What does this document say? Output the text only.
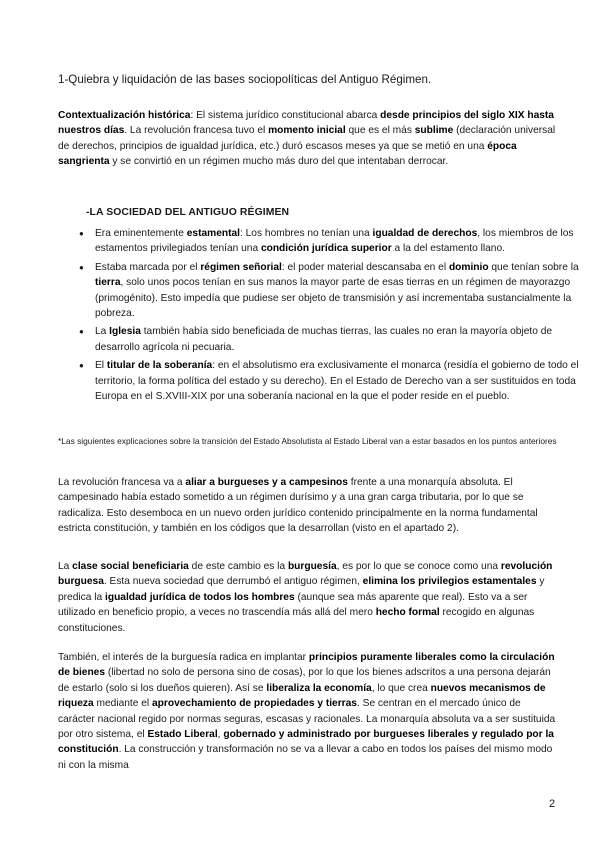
1-Quiebra y liquidación de las bases sociopolíticas del Antiguo Régimen.
Contextualización histórica: El sistema jurídico constitucional abarca desde principios del siglo XIX hasta nuestros días. La revolución francesa tuvo el momento inicial que es el más sublime (declaración universal de derechos, principios de igualdad jurídica, etc.) duró escasos meses ya que se metió en una época sangrienta y se convirtió en un régimen mucho más duro del que intentaban derrocar.
-LA SOCIEDAD DEL ANTIGUO RÉGIMEN
● Era eminentemente estamental: Los hombres no tenían una igualdad de derechos, los miembros de los estamentos privilegiados tenían una condición jurídica superior a la del estamento llano.
● Estaba marcada por el régimen señorial: el poder material descansaba en el dominio que tenían sobre la tierra, solo unos pocos tenían en sus manos la mayor parte de esas tierras en un régimen de mayorazgo (primogénito). Esto impedía que pudiese ser objeto de transmisión y así incrementaba sustancialmente la pobreza.
● La Iglesia también había sido beneficiada de muchas tierras, las cuales no eran la mayoría objeto de desarrollo agrícola ni pecuaria.
● El titular de la soberanía: en el absolutismo era exclusivamente el monarca (residía el gobierno de todo el territorio, la forma política del estado y su derecho). En el Estado de Derecho van a ser sustituidos en toda Europa en el S.XVIII-XIX por una soberanía nacional en la que el poder reside en el pueblo.
*Las siguientes explicaciones sobre la transición del Estado Absolutista al Estado Liberal van a estar basados en los puntos anteriores
La revolución francesa va a aliar a burgueses y a campesinos frente a una monarquía absoluta. El campesinado había estado sometido a un régimen durísimo y a una gran carga tributaria, por lo que se radicaliza. Esto desemboca en un nuevo orden jurídico contenido principalmente en la norma fundamental estricta constitución, y también en los códigos que la desarrollan (visto en el apartado 2).
La clase social beneficiaria de este cambio es la burguesía, es por lo que se conoce como una revolución burguesa. Esta nueva sociedad que derrumbó el antiguo régimen, elimina los privilegios estamentales y predica la igualdad jurídica de todos los hombres (aunque sea más aparente que real). Esto va a ser utilizado en beneficio propio, a veces no trascendía más allá del mero hecho formal recogido en algunas constituciones.
También, el interés de la burguesía radica en implantar principios puramente liberales como la circulación de bienes (libertad no solo de persona sino de cosas), por lo que los bienes adscritos a una persona dejarán de estarlo (solo si los dueños quieren). Así se liberaliza la economía, lo que crea nuevos mecanismos de riqueza mediante el aprovechamiento de propiedades y tierras. Se centran en el mercado único de carácter nacional regido por normas seguras, escasas y racionales. La monarquía absoluta va a ser sustituida por otro sistema, el Estado Liberal, gobernado y administrado por burgueses liberales y regulado por la constitución. La construcción y transformación no se va a llevar a cabo en todos los países del mismo modo ni con la misma
2
